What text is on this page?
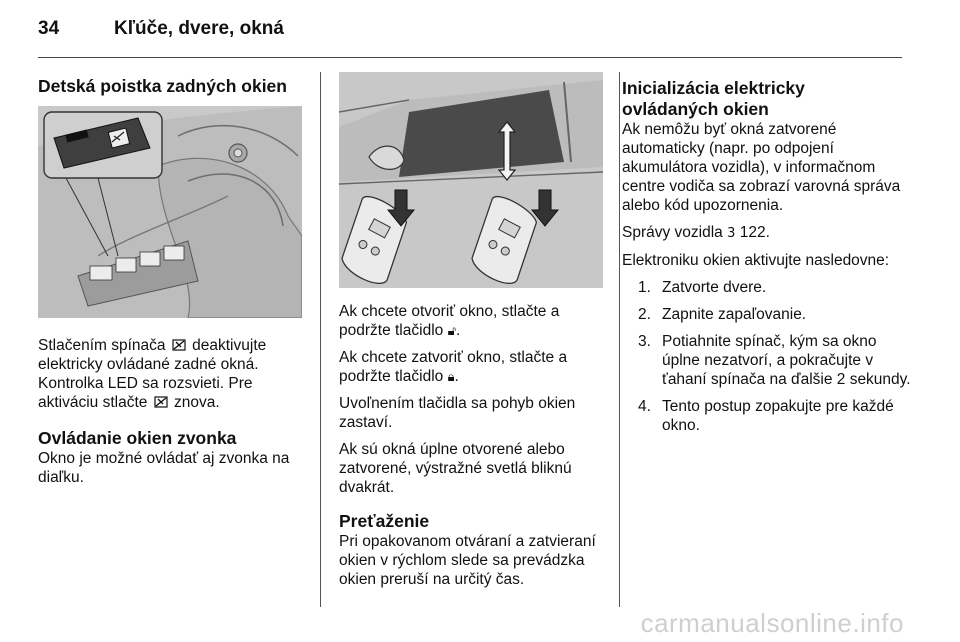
34	Kľúče, dvere, okná
Detská poistka zadných okien

Stlačením spínača deaktivujte elektricky ovládané zadné okná. Kontrolka LED sa rozsvieti. Pre aktiváciu stlačte znova.

Ovládanie okien zvonka

Okno je možné ovládať aj zvonka na diaľku.

Ak chcete otvoriť okno, stlačte a podržte tlačidlo 🔓︎.

Ak chcete zatvoriť okno, stlačte a podržte tlačidlo 🔒︎.

Uvoľnením tlačidla sa pohyb okien zastaví.

Ak sú okná úplne otvorené alebo zatvorené, výstražné svetlá bliknú dvakrát.

Preťaženie

Pri opakovanom otváraní a zatvieraní okien v rýchlom slede sa prevádzka okien preruší na určitý čas.

Inicializácia elektricky ovládaných okien

Ak nemôžu byť okná zatvorené automaticky (napr. po odpojení akumulátora vozidla), v informačnom centre vodiča sa zobrazí varovná správa alebo kód upozornenia.

Správy vozidla 3 122.

Elektroniku okien aktivujte nasledovne:

1. Zatvorte dvere.
2. Zapnite zapaľovanie.
3. Potiahnite spínač, kým sa okno úplne nezatvorí, a pokračujte v ťahaní spínača na ďalšie 2 sekundy.
4. Tento postup zopakujte pre každé okno.
carmanualsonline.info
